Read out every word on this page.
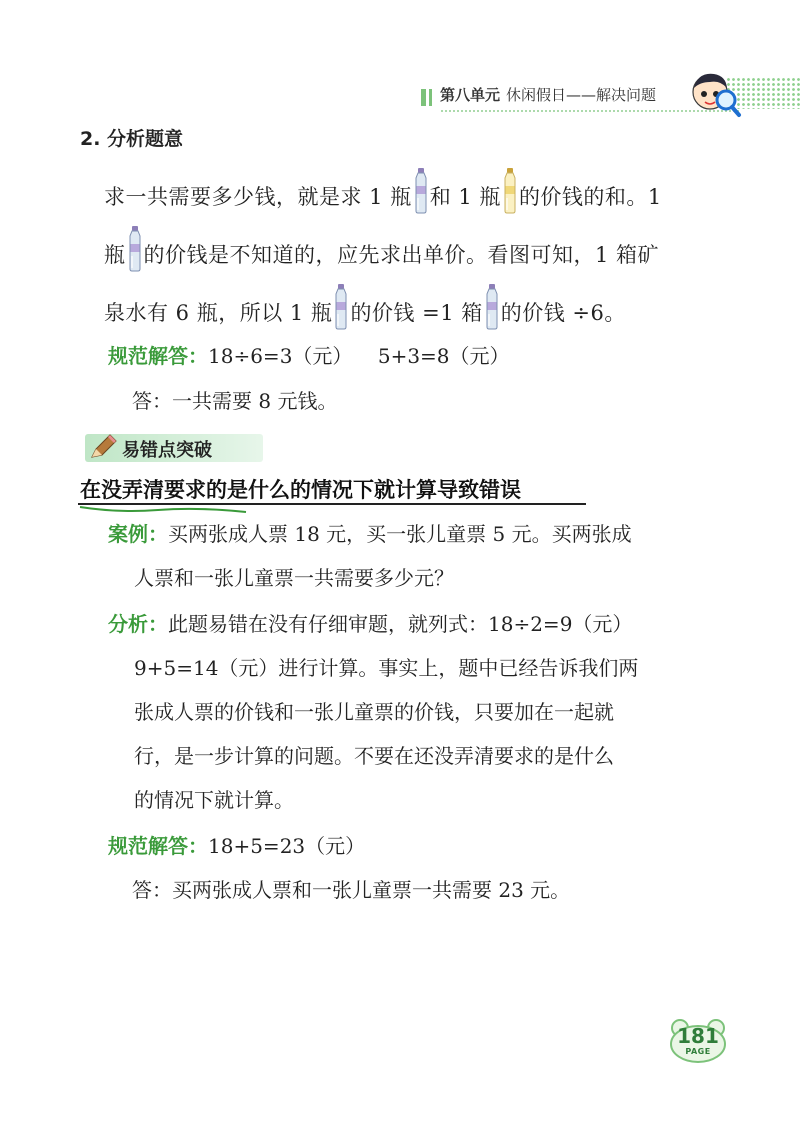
第八单元 休闲假日——解决问题
2. 分析题意
求一共需要多少钱，就是求 1 瓶 和 1 瓶 的价钱的和。1
瓶 的价钱是不知道的，应先求出单价。看图可知，1 箱矿
泉水有 6 瓶，所以 1 瓶 的价钱 =1 箱 的价钱 ÷6。
规范解答：18÷6=3（元）    5+3=8（元）
答：一共需要 8 元钱。
易错点突破
在没弄清要求的是什么的情况下就计算导致错误
案例：买两张成人票 18 元，买一张儿童票 5 元。买两张成
人票和一张儿童票一共需要多少元？
分析：此题易错在没有仔细审题，就列式：18÷2=9（元）
9+5=14（元）进行计算。事实上，题中已经告诉我们两
张成人票的价钱和一张儿童票的价钱，只要加在一起就
行，是一步计算的问题。不要在还没弄清要求的是什么
的情况下就计算。
规范解答：18+5=23（元）
答：买两张成人票和一张儿童票一共需要 23 元。
181
PAGE
